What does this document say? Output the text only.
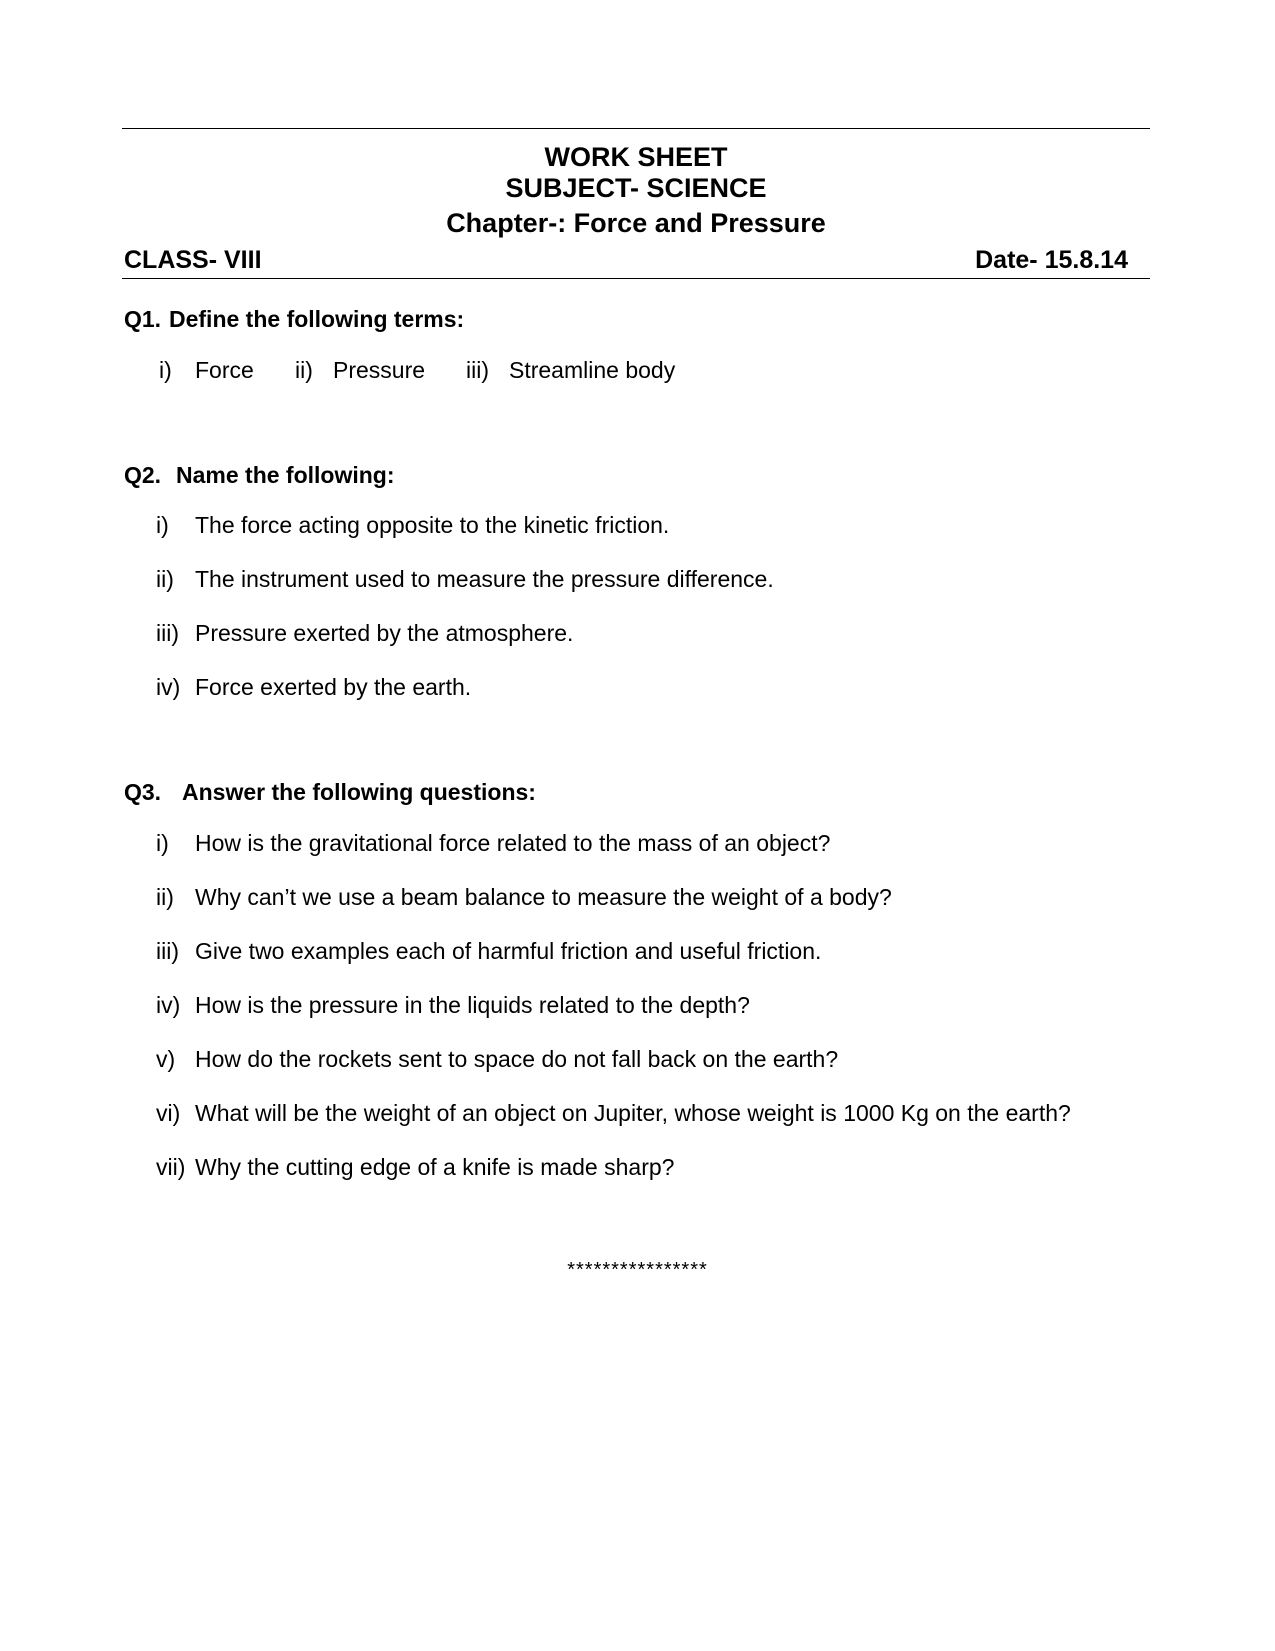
WORK SHEET
SUBJECT- SCIENCE
Chapter-: Force and Pressure
CLASS- VIII	Date- 15.8.14
Q1. Define the following terms:
i) Force ii) Pressure iii) Streamline body
Q2. Name the following:
i) The force acting opposite to the kinetic friction.
ii) The instrument used to measure the pressure difference.
iii) Pressure exerted by the atmosphere.
iv) Force exerted by the earth.
Q3. Answer the following questions:
i) How is the gravitational force related to the mass of an object?
ii) Why can’t we use a beam balance to measure the weight of a body?
iii) Give two examples each of harmful friction and useful friction.
iv) How is the pressure in the liquids related to the depth?
v) How do the rockets sent to space do not fall back on the earth?
vi) What will be the weight of an object on Jupiter, whose weight is 1000 Kg on the earth?
vii) Why the cutting edge of a knife is made sharp?
****************
